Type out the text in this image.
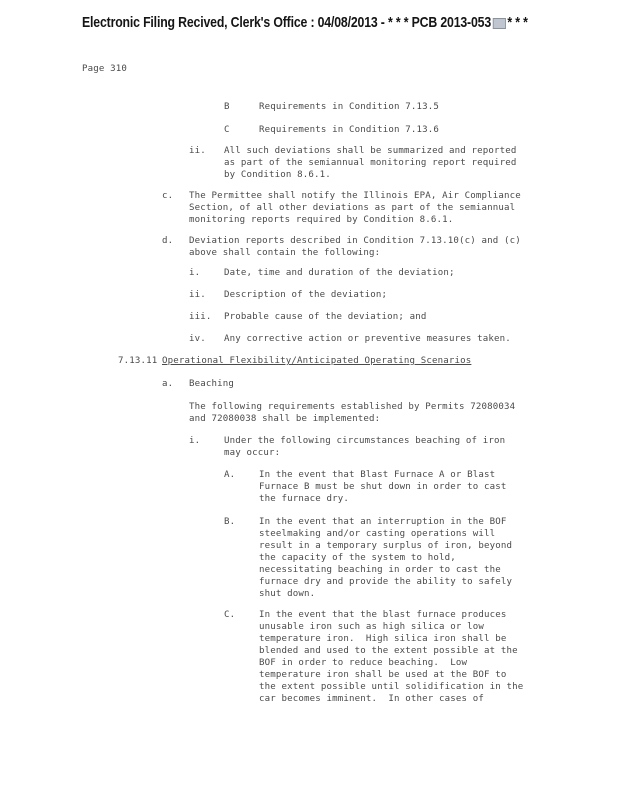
Electronic Filing Recived, Clerk's Office : 04/08/2013 - * * * PCB 2013-053 * * *
Page 310
B	Requirements in Condition 7.13.5
C	Requirements in Condition 7.13.6
ii. All such deviations shall be summarized and reported
as part of the semiannual monitoring report required
by Condition 8.6.1.
c. The Permittee shall notify the Illinois EPA, Air Compliance
Section, of all other deviations as part of the semiannual
monitoring reports required by Condition 8.6.1.
d. Deviation reports described in Condition 7.13.10(c) and (c)
above shall contain the following:
i.	Date, time and duration of the deviation;
ii. Description of the deviation;
iii. Probable cause of the deviation; and
iv. Any corrective action or preventive measures taken.
7.13.11 Operational Flexibility/Anticipated Operating Scenarios
a. Beaching
The following requirements established by Permits 72080034
and 72080038 shall be implemented:
i.	Under the following circumstances beaching of iron
may occur:
A.	In the event that Blast Furnace A or Blast
Furnace B must be shut down in order to cast
the furnace dry.
B.	In the event that an interruption in the BOF
steelmaking and/or casting operations will
result in a temporary surplus of iron, beyond
the capacity of the system to hold,
necessitating beaching in order to cast the
furnace dry and provide the ability to safely
shut down.
C.	In the event that the blast furnace produces
unusable iron such as high silica or low
temperature iron.  High silica iron shall be
blended and used to the extent possible at the
BOF in order to reduce beaching.  Low
temperature iron shall be used at the BOF to
the extent possible until solidification in the
car becomes imminent.  In other cases of
